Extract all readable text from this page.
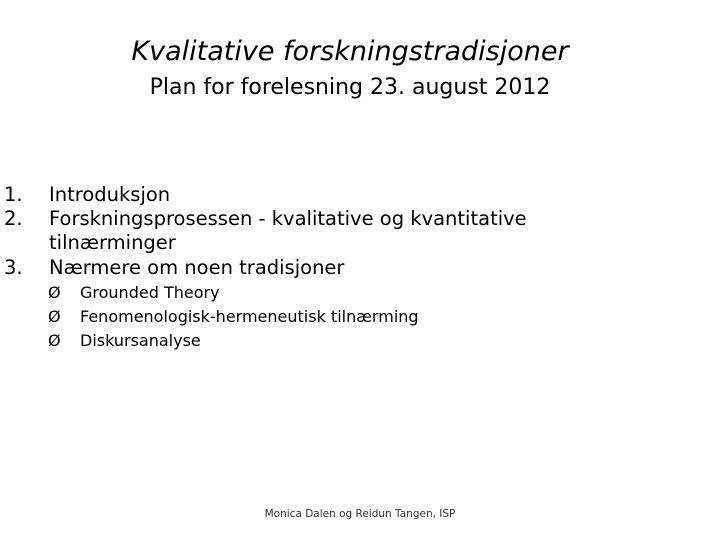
Kvalitative forskningstradisjoner
Plan for forelesning 23. august 2012
1. Introduksjon
2. Forskningsprosessen - kvalitative og kvantitative
tilnærminger
3. Nærmere om noen tradisjoner
Ø Grounded Theory
Ø Fenomenologisk-hermeneutisk tilnærming
Ø Diskursanalyse
Monica Dalen og Reidun Tangen, ISP
